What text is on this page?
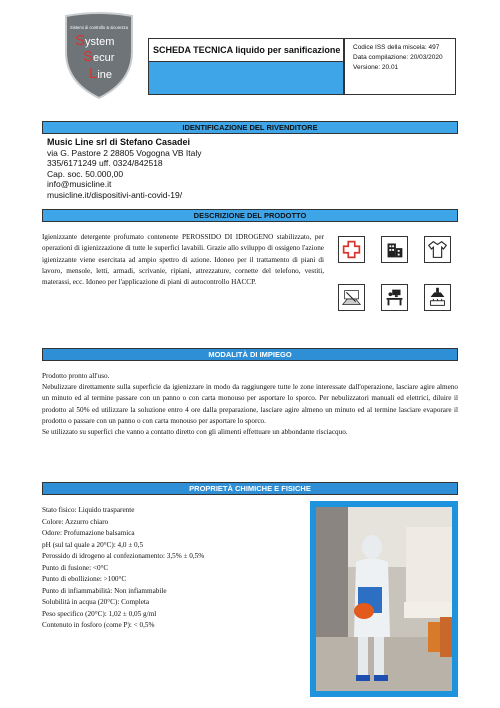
Sistemi di controllo & sicurezza
System
Secur
Line
SCHEDA TECNICA liquido per sanificazione	Codice ISS della miscela: 497
Data compilazione: 20/03/2020
Versione: 20.01
IDENTIFICAZIONE DEL RIVENDITORE
Music Line srl di Stefano Casadei
via G. Pastore 2 28805 Vogogna VB Italy
335/6171249 uff. 0324/842518
Cap. soc. 50.000,00
info@musicline.it
musicline.it/dispositivi-anti-covid-19/
DESCRIZIONE DEL PRODOTTO
Igienizzante detergente profumato contenente PEROSSIDO DI IDROGENO stabilizzato, per operazioni di igienizzazione di tutte le superfici lavabili. Grazie allo sviluppo di ossigeno l'azione igienizzante viene esercitata ad ampio spettro di azione. Idoneo per il trattamento di piani di lavoro, mensole, letti, armadi, scrivanie, ripiani, attrezzature, cornette del telefono, vestiti, materassi, ecc. Idoneo per l'applicazione di piani di autocontrollo HACCP.
MODALITÀ DI IMPIEGO

Prodotto pronto all'uso.

Nebulizzare direttamente sulla superficie da igienizzare in modo da raggiungere tutte le zone interessate dall'operazione, lasciare agire almeno un minuto ed al termine passare con un panno o con carta monouso per asportare lo sporco. Per nebulizzatori manuali ed elettrici, diluire il prodotto al 50% ed utilizzare la soluzione entro 4 ore dalla preparazione, lasciare agire almeno un minuto ed al termine lasciare evaporare il prodotto o passare con un panno o con carta monouso per asportare lo sporco.

Se utilizzato su superfici che vanno a contatto diretto con gli alimenti effettuare un abbondante risciacquo.

PROPRIETÀ CHIMICHE E FISICHE
Stato fisico: Liquido trasparente
Colore: Azzurro chiaro
Odore: Profumazione balsamica
pH (sul tal quale a 20°C): 4,0 ± 0,5
Perossido di idrogeno al confezionamento: 3,5% ± 0,5%
Punto di fusione: <0°C
Punto di ebollizione: >100°C
Punto di infiammabilità: Non infiammabile
Solubilità in acqua (20°C): Completa
Peso specifico (20°C): 1,02 ± 0,05 g/ml
Contenuto in fosforo (come P): < 0,5%
